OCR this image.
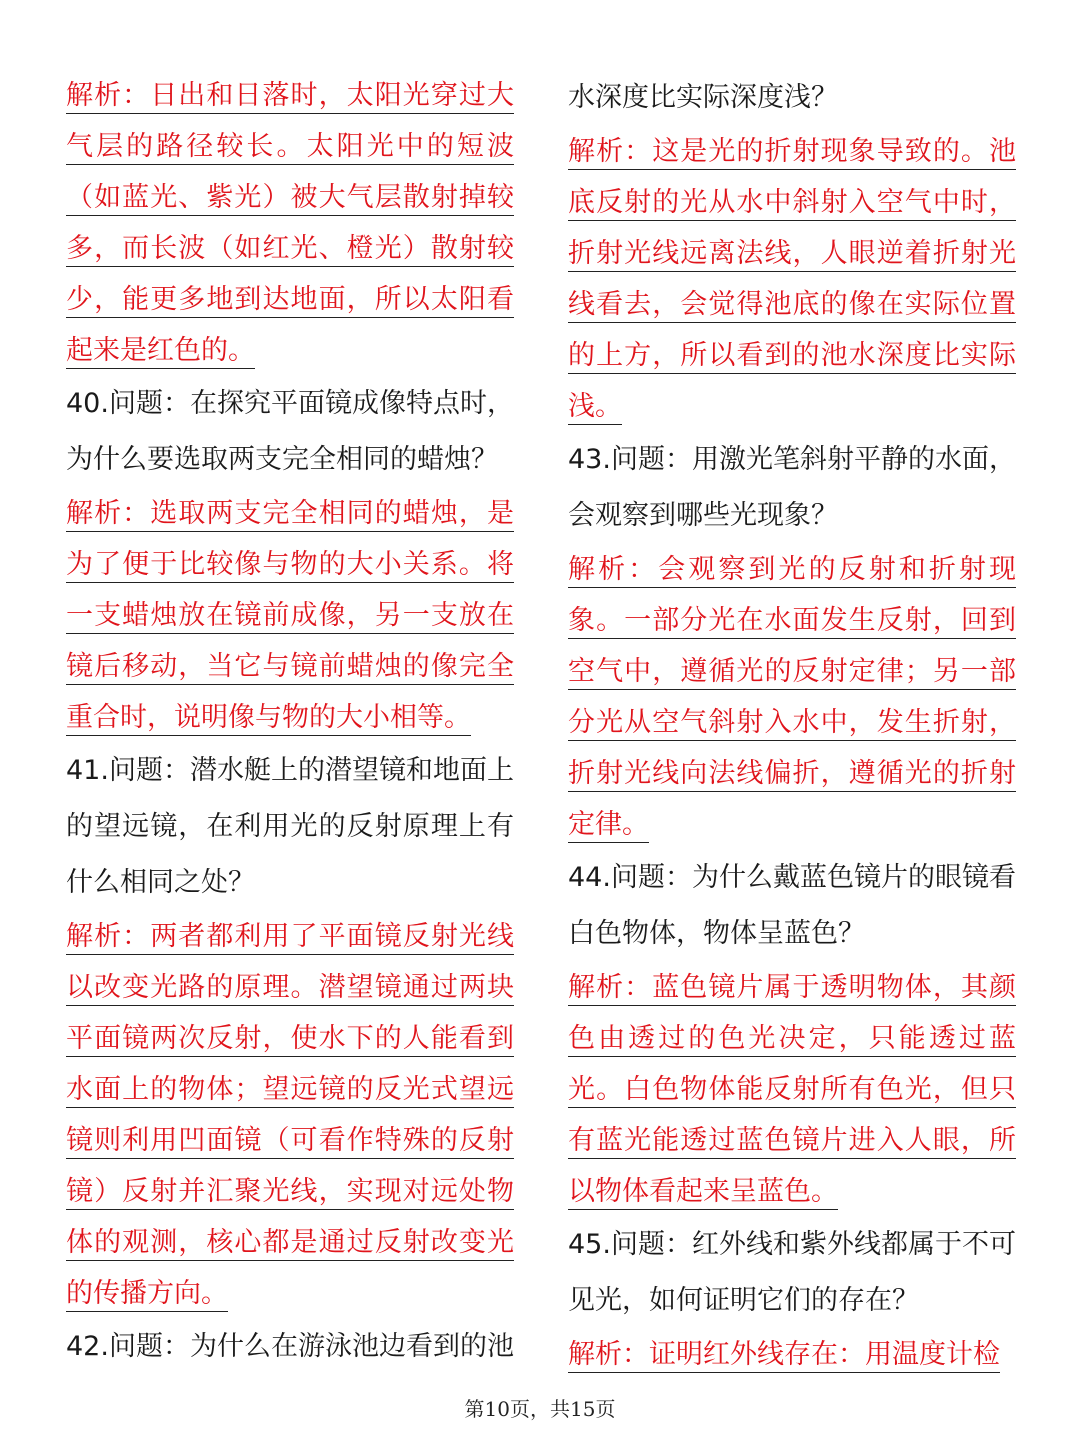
解析：日出和日落时，太阳光穿过大气层的路径较长。太阳光中的短波（如蓝光、紫光）被大气层散射掉较多，而长波（如红光、橙光）散射较少，能更多地到达地面，所以太阳看起来是红色的。

40.问题：在探究平面镜成像特点时，为什么要选取两支完全相同的蜡烛？

解析：选取两支完全相同的蜡烛，是为了便于比较像与物的大小关系。将一支蜡烛放在镜前成像，另一支放在镜后移动，当它与镜前蜡烛的像完全重合时，说明像与物的大小相等。

41.问题：潜水艇上的潜望镜和地面上的望远镜，在利用光的反射原理上有什么相同之处？

解析：两者都利用了平面镜反射光线以改变光路的原理。潜望镜通过两块平面镜两次反射，使水下的人能看到水面上的物体；望远镜的反光式望远镜则利用凹面镜（可看作特殊的反射镜）反射并汇聚光线，实现对远处物体的观测，核心都是通过反射改变光的传播方向。

42.问题：为什么在游泳池边看到的池

水深度比实际深度浅？

解析：这是光的折射现象导致的。池底反射的光从水中斜射入空气中时，折射光线远离法线，人眼逆着折射光线看去，会觉得池底的像在实际位置的上方，所以看到的池水深度比实际浅。

43.问题：用激光笔斜射平静的水面，会观察到哪些光现象？

解析：会观察到光的反射和折射现象。一部分光在水面发生反射，回到空气中，遵循光的反射定律；另一部分光从空气斜射入水中，发生折射，折射光线向法线偏折，遵循光的折射定律。

44.问题：为什么戴蓝色镜片的眼镜看白色物体，物体呈蓝色？

解析：蓝色镜片属于透明物体，其颜色由透过的色光决定，只能透过蓝光。白色物体能反射所有色光，但只有蓝光能透过蓝色镜片进入人眼，所以物体看起来呈蓝色。

45.问题：红外线和紫外线都属于不可见光，如何证明它们的存在？

解析：证明红外线存在：用温度计检

第10页，共15页
